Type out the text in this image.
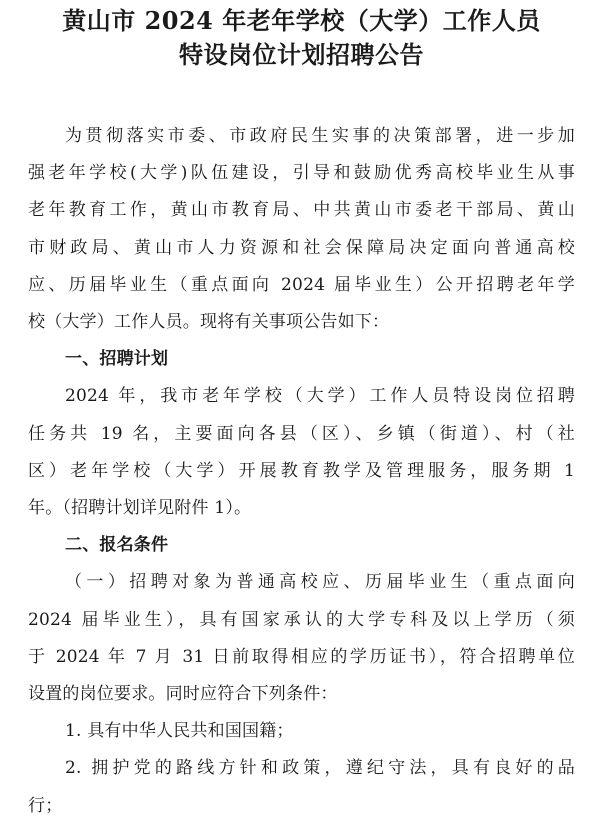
黄山市 2024 年老年学校（大学）工作人员
特设岗位计划招聘公告
为贯彻落实市委、市政府民生实事的决策部署，进一步加
强老年学校(大学)队伍建设，引导和鼓励优秀高校毕业生从事
老年教育工作，黄山市教育局、中共黄山市委老干部局、黄山
市财政局、黄山市人力资源和社会保障局决定面向普通高校
应、历届毕业生（重点面向 2024 届毕业生）公开招聘老年学
校（大学）工作人员。现将有关事项公告如下：
一、招聘计划
2024 年，我市老年学校（大学）工作人员特设岗位招聘
任务共 19 名，主要面向各县（区）、乡镇（街道）、村（社
区）老年学校（大学）开展教育教学及管理服务，服务期 1
年。（招聘计划详见附件 1）。
二、报名条件
（一）招聘对象为普通高校应、历届毕业生（重点面向
2024 届毕业生），具有国家承认的大学专科及以上学历（须
于 2024 年 7 月 31 日前取得相应的学历证书），符合招聘单位
设置的岗位要求。同时应符合下列条件：
1. 具有中华人民共和国国籍；
2. 拥护党的路线方针和政策，遵纪守法，具有良好的品
行；
